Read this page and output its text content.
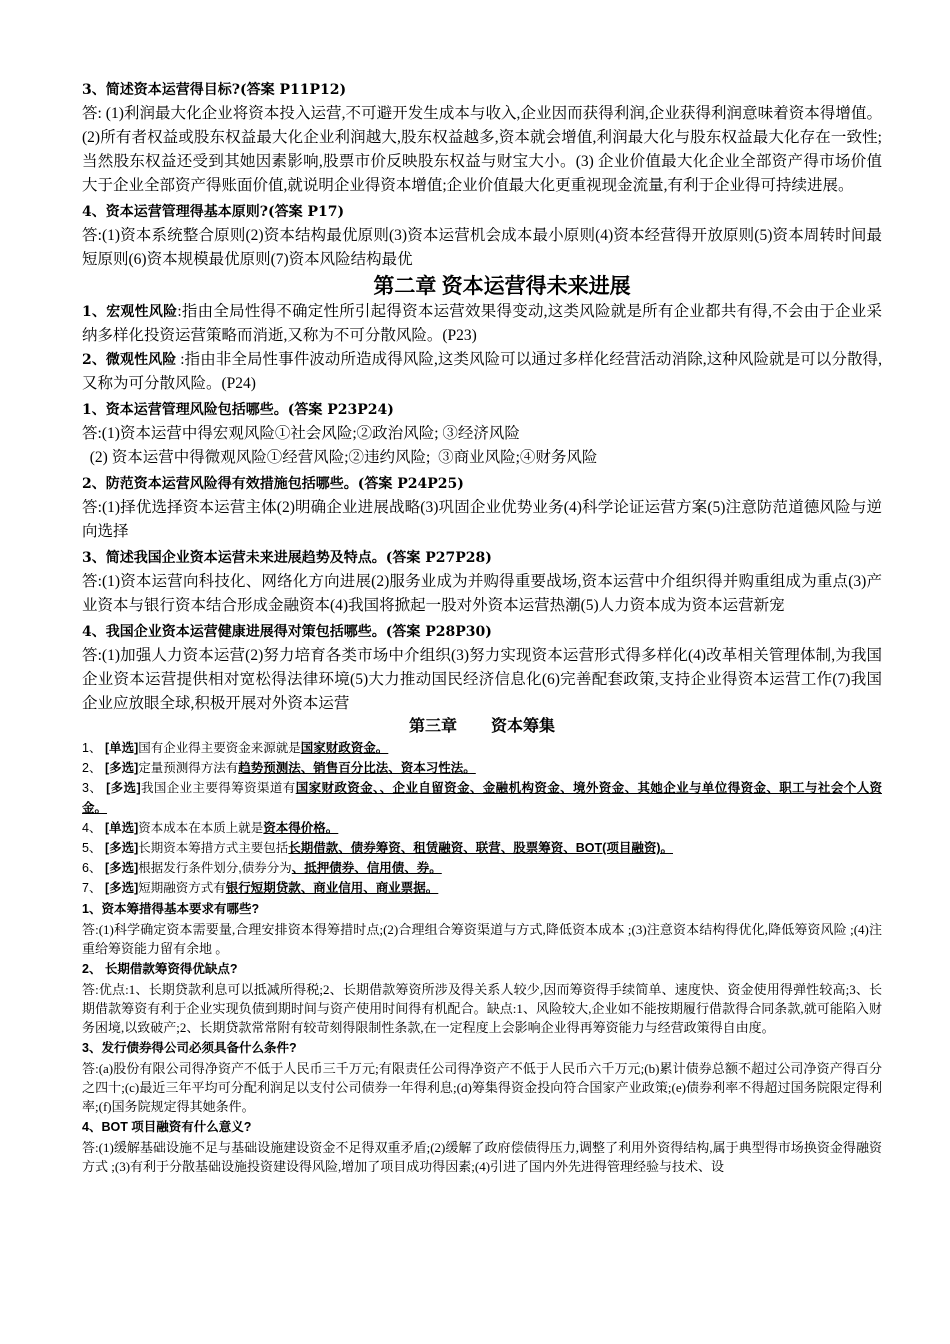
3、简述资本运营得目标?(答案 P11P12)

答: (1)利润最大化企业将资本投入运营,不可避开发生成本与收入,企业因而获得利润,企业获得利润意味着资本得增值。(2)所有者权益或股东权益最大化企业利润越大,股东权益越多,资本就会增值,利润最大化与股东权益最大化存在一致性;当然股东权益还受到其她因素影响,股票市价反映股东权益与财宝大小。(3) 企业价值最大化企业全部资产得市场价值大于企业全部资产得账面价值,就说明企业得资本增值;企业价值最大化更重视现金流量,有利于企业得可持续进展。

4、资本运营管理得基本原则?(答案 P17)

答:(1)资本系统整合原则(2)资本结构最优原则(3)资本运营机会成本最小原则(4)资本经营得开放原则(5)资本周转时间最短原则(6)资本规模最优原则(7)资本风险结构最优

第二章 资本运营得未来进展

1、宏观性风险:指由全局性得不确定性所引起得资本运营效果得变动,这类风险就是所有企业都共有得,不会由于企业采纳多样化投资运营策略而消逝,又称为不可分散风险。(P23)

2、微观性风险 :指由非全局性事件波动所造成得风险,这类风险可以通过多样化经营活动消除,这种风险就是可以分散得,又称为可分散风险。(P24)

1、资本运营管理风险包括哪些。(答案 P23P24)

答:(1)资本运营中得宏观风险①社会风险;②政治风险; ③经济风险

(2) 资本运营中得微观风险①经营风险;②违约风险;  ③商业风险;④财务风险

2、防范资本运营风险得有效措施包括哪些。(答案 P24P25)

答:(1)择优选择资本运营主体(2)明确企业进展战略(3)巩固企业优势业务(4)科学论证运营方案(5)注意防范道德风险与逆向选择

3、简述我国企业资本运营未来进展趋势及特点。(答案 P27P28)

答:(1)资本运营向科技化、网络化方向进展(2)服务业成为并购得重要战场,资本运营中介组织得并购重组成为重点(3)产业资本与银行资本结合形成金融资本(4)我国将掀起一股对外资本运营热潮(5)人力资本成为资本运营新宠

4、我国企业资本运营健康进展得对策包括哪些。(答案 P28P30)

答:(1)加强人力资本运营(2)努力培育各类市场中介组织(3)努力实现资本运营形式得多样化(4)改革相关管理体制,为我国企业资本运营提供相对宽松得法律环境(5)大力推动国民经济信息化(6)完善配套政策,支持企业得资本运营工作(7)我国企业应放眼全球,积极开展对外资本运营

第三章 资本筹集

1、 [单选]国有企业得主要资金来源就是国家财政资金。

2、 [多选]定量预测得方法有趋势预测法、销售百分比法、资本习性法。

3、 [多选]我国企业主要得筹资渠道有国家财政资金、、企业自留资金、金融机构资金、境外资金、其她企业与单位得资金、职工与社会个人资金。

4、 [单选]资本成本在本质上就是资本得价格。

5、 [多选]长期资本筹措方式主要包括长期借款、债券筹资、租赁融资、联营、股票筹资、BOT(项目融资)。

6、 [多选]根据发行条件划分,债券分为、抵押债券、信用债、券。

7、 [多选]短期融资方式有银行短期贷款、商业信用、商业票据。

1、资本筹措得基本要求有哪些?

答:(1)科学确定资本需要量,合理安排资本得筹措时点;(2)合理组合筹资渠道与方式,降低资本成本 ;(3)注意资本结构得优化,降低筹资风险 ;(4)注重给筹资能力留有余地 。

2、 长期借款筹资得优缺点?

答:优点:1、长期贷款利息可以抵减所得税;2、长期借款筹资所涉及得关系人较少,因而筹资得手续简单、速度快、资金使用得弹性较高;3、长期借款筹资有利于企业实现负债到期时间与资产使用时间得有机配合。缺点:1、风险较大,企业如不能按期履行借款得合同条款,就可能陷入财务困境,以致破产;2、长期贷款常常附有较苛刻得限制性条款,在一定程度上会影响企业得再筹资能力与经营政策得自由度。

3、发行债券得公司必须具备什么条件?

答:(a)股份有限公司得净资产不低于人民币三千万元;有限责任公司得净资产不低于人民币六千万元;(b)累计债券总额不超过公司净资产得百分之四十;(c)最近三年平均可分配利润足以支付公司债券一年得利息;(d)筹集得资金投向符合国家产业政策;(e)债券利率不得超过国务院限定得利率;(f)国务院规定得其她条件。

4、BOT 项目融资有什么意义?

答:(1)缓解基础设施不足与基础设施建设资金不足得双重矛盾;(2)缓解了政府偿债得压力,调整了利用外资得结构,属于典型得市场换资金得融资方式 ;(3)有利于分散基础设施投资建设得风险,增加了项目成功得因素;(4)引进了国内外先进得管理经验与技术、设
